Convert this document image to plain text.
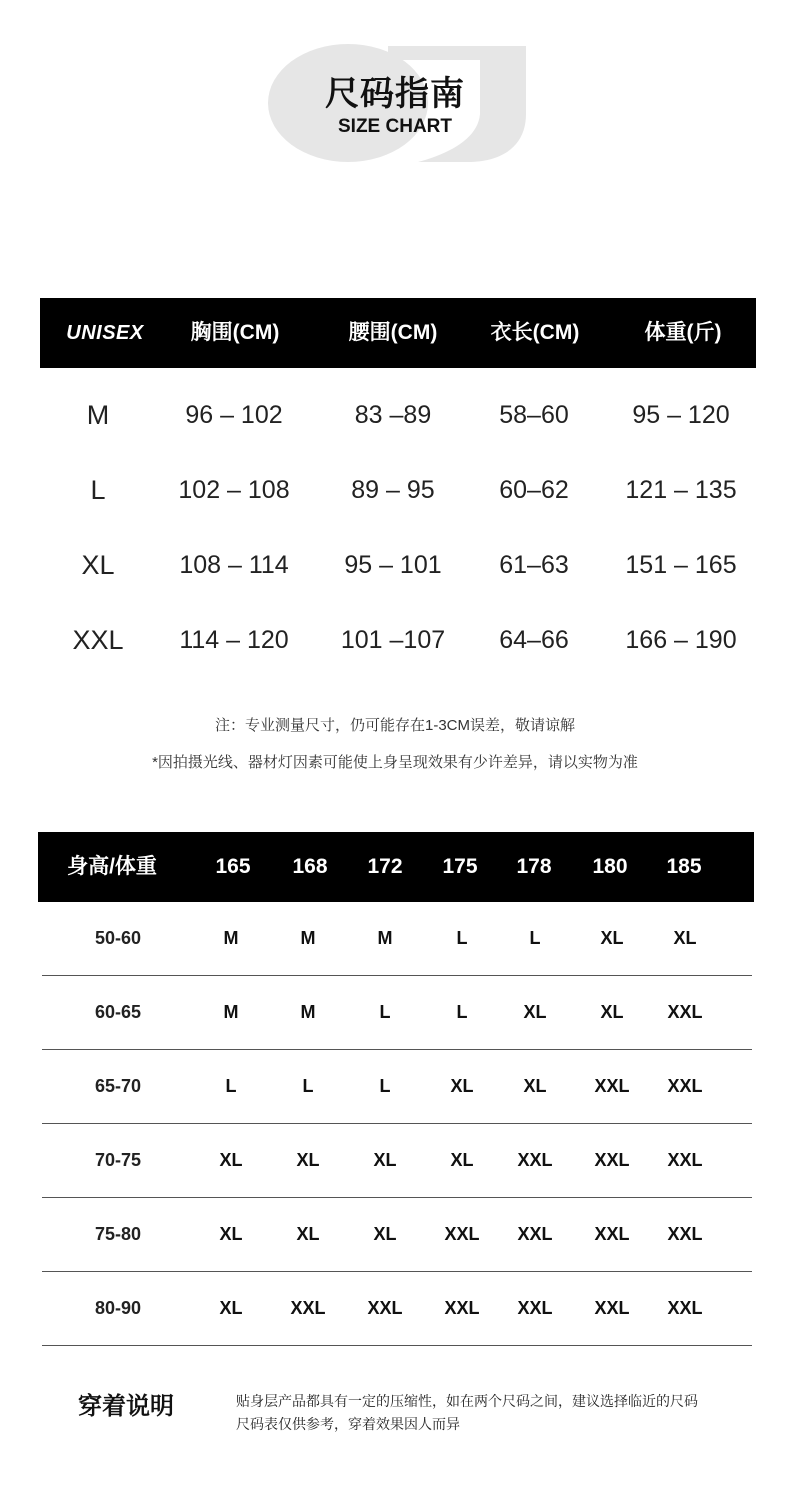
尺码指南
SIZE CHART
UNISEX	胸围(CM)	腰围(CM)	衣长(CM)	体重(斤)
M	96 – 102	83 –89	58–60	95 – 120
L	102 – 108	89 – 95	60–62	121 – 135
XL	108 – 114	95 – 101	61–63	151 – 165
XXL	114 – 120	101 –107	64–66	166 – 190
注：专业测量尺寸，仍可能存在1-3CM误差，敬请谅解
*因拍摄光线、器材灯因素可能使上身呈现效果有少许差异，请以实物为准
身高/体重	165	168	172	175	178	180	185
50-60	M	M	M	L	L	XL	XL
60-65	M	M	L	L	XL	XL	XXL
65-70	L	L	L	XL	XL	XXL	XXL
70-75	XL	XL	XL	XL	XXL	XXL	XXL
75-80	XL	XL	XL	XXL	XXL	XXL	XXL
80-90	XL	XXL	XXL	XXL	XXL	XXL	XXL
穿着说明	贴身层产品都具有一定的压缩性，如在两个尺码之间，建议选择临近的尺码
尺码表仅供参考，穿着效果因人而异
